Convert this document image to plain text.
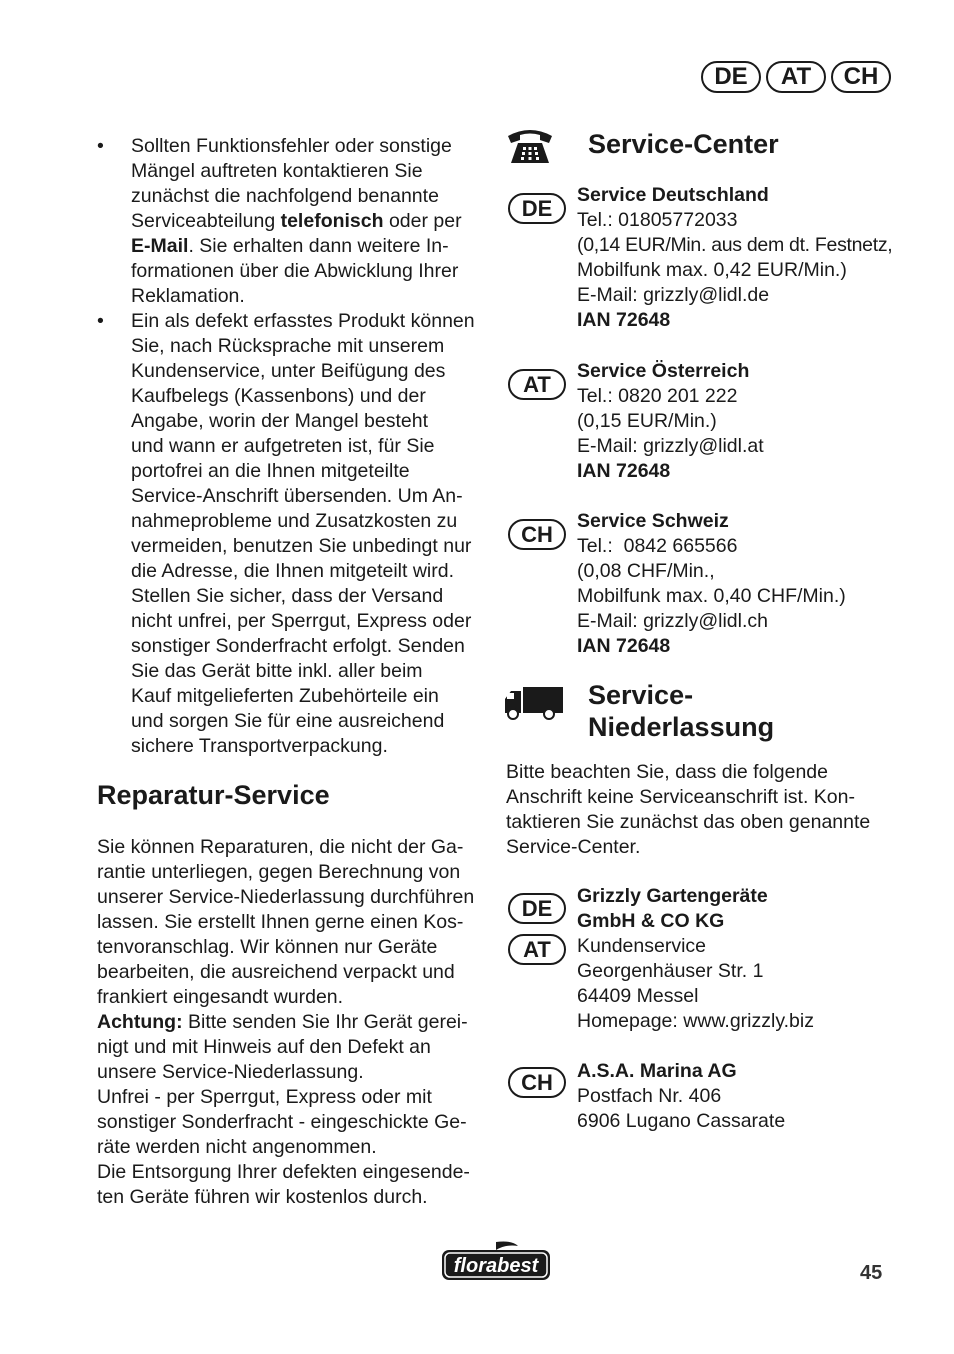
DE	AT	CH
• Sollten Funktionsfehler oder sonstige
Mängel auftreten kontaktieren Sie
zunächst die nachfolgend benannte
Serviceabteilung telefonisch oder per
E-Mail. Sie erhalten dann weitere In-
formationen über die Abwicklung Ihrer
Reklamation.
• Ein als defekt erfasstes Produkt können
Sie, nach Rücksprache mit unserem
Kundenservice, unter Beifügung des
Kaufbelegs (Kassenbons) und der
Angabe, worin der Mangel besteht
und wann er aufgetreten ist, für Sie
portofrei an die Ihnen mitgeteilte
Service-Anschrift übersenden. Um An-
nahmeprobleme und Zusatzkosten zu
vermeiden, benutzen Sie unbedingt nur
die Adresse, die Ihnen mitgeteilt wird.
Stellen Sie sicher, dass der Versand
nicht unfrei, per Sperrgut, Express oder
sonstiger Sonderfracht erfolgt. Senden
Sie das Gerät bitte inkl. aller beim
Kauf mitgelieferten Zubehörteile ein
und sorgen Sie für eine ausreichend
sichere Transportverpackung.
Reparatur-Service
Sie können Reparaturen, die nicht der Ga-
rantie unterliegen, gegen Berechnung von
unserer Service-Niederlassung durchführen
lassen. Sie erstellt Ihnen gerne einen Kos-
tenvoranschlag. Wir können nur Geräte
bearbeiten, die ausreichend verpackt und
frankiert eingesandt wurden.
Achtung: Bitte senden Sie Ihr Gerät gerei-
nigt und mit Hinweis auf den Defekt an
unsere Service-Niederlassung.
Unfrei - per Sperrgut, Express oder mit
sonstiger Sonderfracht - eingeschickte Ge-
räte werden nicht angenommen.
Die Entsorgung Ihrer defekten eingesende-
ten Geräte führen wir kostenlos durch.
Service-Center
DE
Service Deutschland
Tel.: 01805772033
(0,14 EUR/Min. aus dem dt. Festnetz,
Mobilfunk max. 0,42 EUR/Min.)
E-Mail: grizzly@lidl.de
IAN 72648
AT
Service Österreich
Tel.: 0820 201 222
(0,15 EUR/Min.)
E-Mail: grizzly@lidl.at
IAN 72648
CH
Service Schweiz
Tel.:  0842 665566
(0,08 CHF/Min.,
Mobilfunk max. 0,40 CHF/Min.)
E-Mail: grizzly@lidl.ch
IAN 72648
Service-
Niederlassung
Bitte beachten Sie, dass die folgende
Anschrift keine Serviceanschrift ist. Kon-
taktieren Sie zunächst das oben genannte
Service-Center.
DE
AT
Grizzly Gartengeräte
GmbH & CO KG
Kundenservice
Georgenhäuser Str. 1
64409 Messel
Homepage: www.grizzly.biz
CH	A.S.A. Marina AG
Postfach Nr. 406
6906 Lugano Cassarate
florabest	45
